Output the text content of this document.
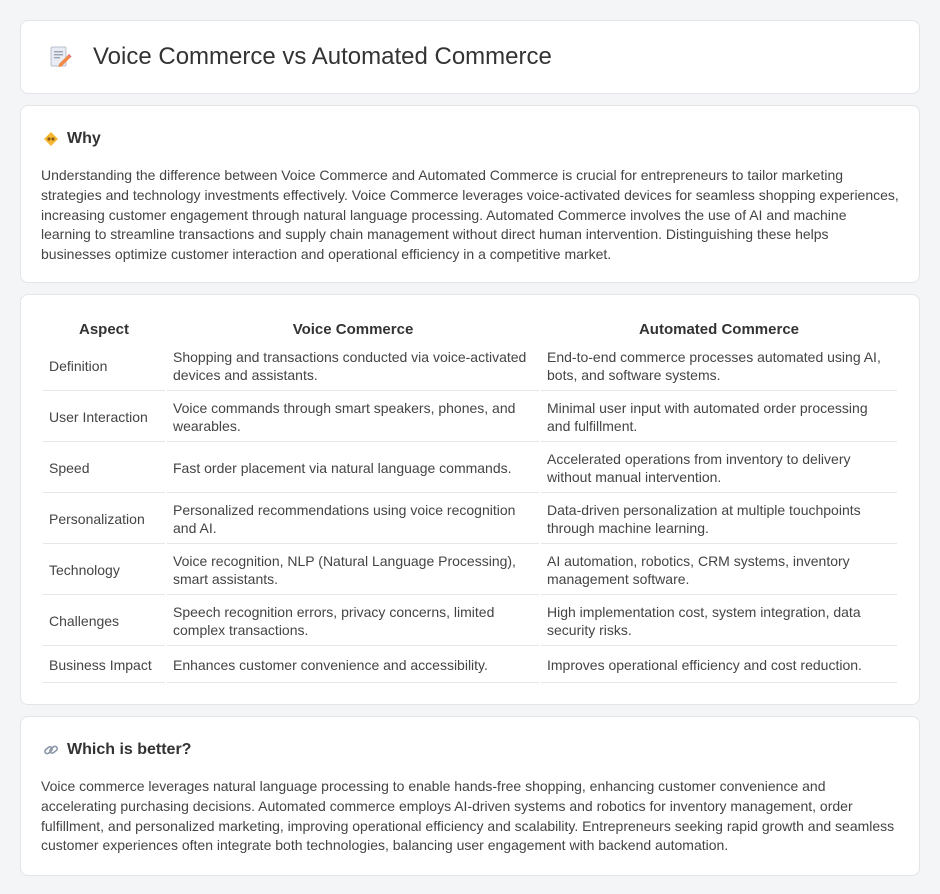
Voice Commerce vs Automated Commerce
Why

Understanding the difference between Voice Commerce and Automated Commerce is crucial for entrepreneurs to tailor marketing strategies and technology investments effectively. Voice Commerce leverages voice-activated devices for seamless shopping experiences, increasing customer engagement through natural language processing. Automated Commerce involves the use of AI and machine learning to streamline transactions and supply chain management without direct human intervention. Distinguishing these helps businesses optimize customer interaction and operational efficiency in a competitive market.

Aspect	Voice Commerce	Automated Commerce
Definition	Shopping and transactions conducted via voice-activated devices and assistants.	End-to-end commerce processes automated using AI, bots, and software systems.
User Interaction	Voice commands through smart speakers, phones, and wearables.	Minimal user input with automated order processing and fulfillment.
Speed	Fast order placement via natural language commands.	Accelerated operations from inventory to delivery without manual intervention.
Personalization	Personalized recommendations using voice recognition and AI.	Data-driven personalization at multiple touchpoints through machine learning.
Technology	Voice recognition, NLP (Natural Language Processing), smart assistants.	AI automation, robotics, CRM systems, inventory management software.
Challenges	Speech recognition errors, privacy concerns, limited complex transactions.	High implementation cost, system integration, data security risks.
Business Impact	Enhances customer convenience and accessibility.	Improves operational efficiency and cost reduction.
Which is better?

Voice commerce leverages natural language processing to enable hands-free shopping, enhancing customer convenience and accelerating purchasing decisions. Automated commerce employs AI-driven systems and robotics for inventory management, order fulfillment, and personalized marketing, improving operational efficiency and scalability. Entrepreneurs seeking rapid growth and seamless customer experiences often integrate both technologies, balancing user engagement with backend automation.
